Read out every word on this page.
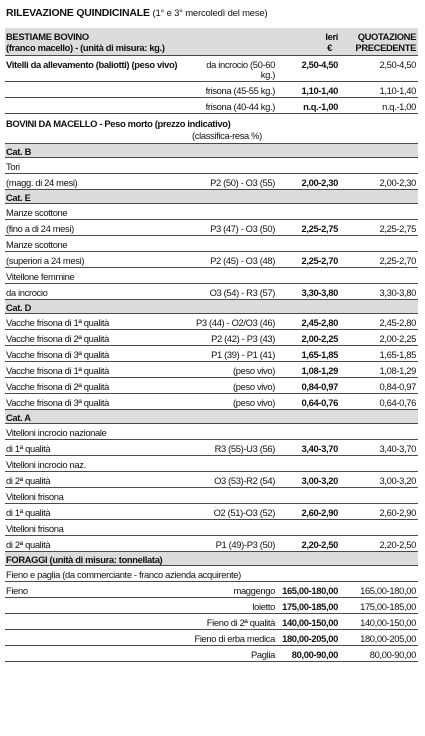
RILEVAZIONE QUINDICINALE (1° e 3° mercoledì del mese)
BESTIAME BOVINO
(franco macello) - (unità di misura: kg.)
Ieri
€
QUOTAZIONE
PRECEDENTE
Vitelli da allevamento (baliotti) (peso vivo)	da incrocio (50-60
kg.)
2,50-4,50	2,50-4,50
frisona (45-55 kg.)	1,10-1,40	1,10-1,40
frisona (40-44 kg.)	n.q.-1,00	n.q.-1,00
BOVINI DA MACELLO - Peso morto (prezzo indicativo)
(classifica-resa %)
Cat. B
Tori
(magg. di 24 mesi)	P2 (50) - O3 (55)	2,00-2,30	2,00-2,30
Cat. E
Manze scottone
(fino a di 24 mesi)	P3 (47) - O3 (50)	2,25-2,75	2,25-2,75
Manze scottone
(superiori a 24 mesi)	P2 (45) - O3 (48)	2,25-2,70	2,25-2,70
Vitellone femmine
da incrocio	O3 (54) - R3 (57)	3,30-3,80	3,30-3,80
Cat. D
Vacche frisona di 1ª qualità	P3 (44) - O2/O3 (46)	2,45-2,80	2,45-2,80
Vacche frisona di 2ª qualità	P2 (42) - P3 (43)	2,00-2,25	2,00-2,25
Vacche frisona di 3ª qualità	P1 (39) - P1 (41)	1,65-1,85	1,65-1,85
Vacche frisona di 1ª qualità	(peso vivo)	1,08-1,29	1,08-1,29
Vacche frisona di 2ª qualità	(peso vivo)	0,84-0,97	0,84-0,97
Vacche frisona di 3ª qualità	(peso vivo)	0,64-0,76	0,64-0,76
Cat. A
Vitelloni incrocio nazionale
di 1ª qualità	R3 (55)-U3 (56)	3,40-3,70	3,40-3,70
Vitelloni incrocio naz.
di 2ª qualità	O3 (53)-R2 (54)	3,00-3,20	3,00-3,20
Vitelloni frisona
di 1ª qualità	O2 (51)-O3 (52)	2,60-2,90	2,60-2,90
Vitelloni frisona
di 2ª qualità	P1 (49)-P3 (50)	2,20-2,50	2,20-2,50
FORAGGI (unità di misura: tonnellata)
Fieno e paglia (da commerciante - franco azienda acquirente)
Fieno	maggengo 165,00-180,00 165,00-180,00
loietto 175,00-185,00 175,00-185,00
Fieno di 2ª qualità 140,00-150,00 140,00-150,00
Fieno di erba medica 180,00-205,00 180,00-205,00
Paglia 80,00-90,00	80,00-90,00
